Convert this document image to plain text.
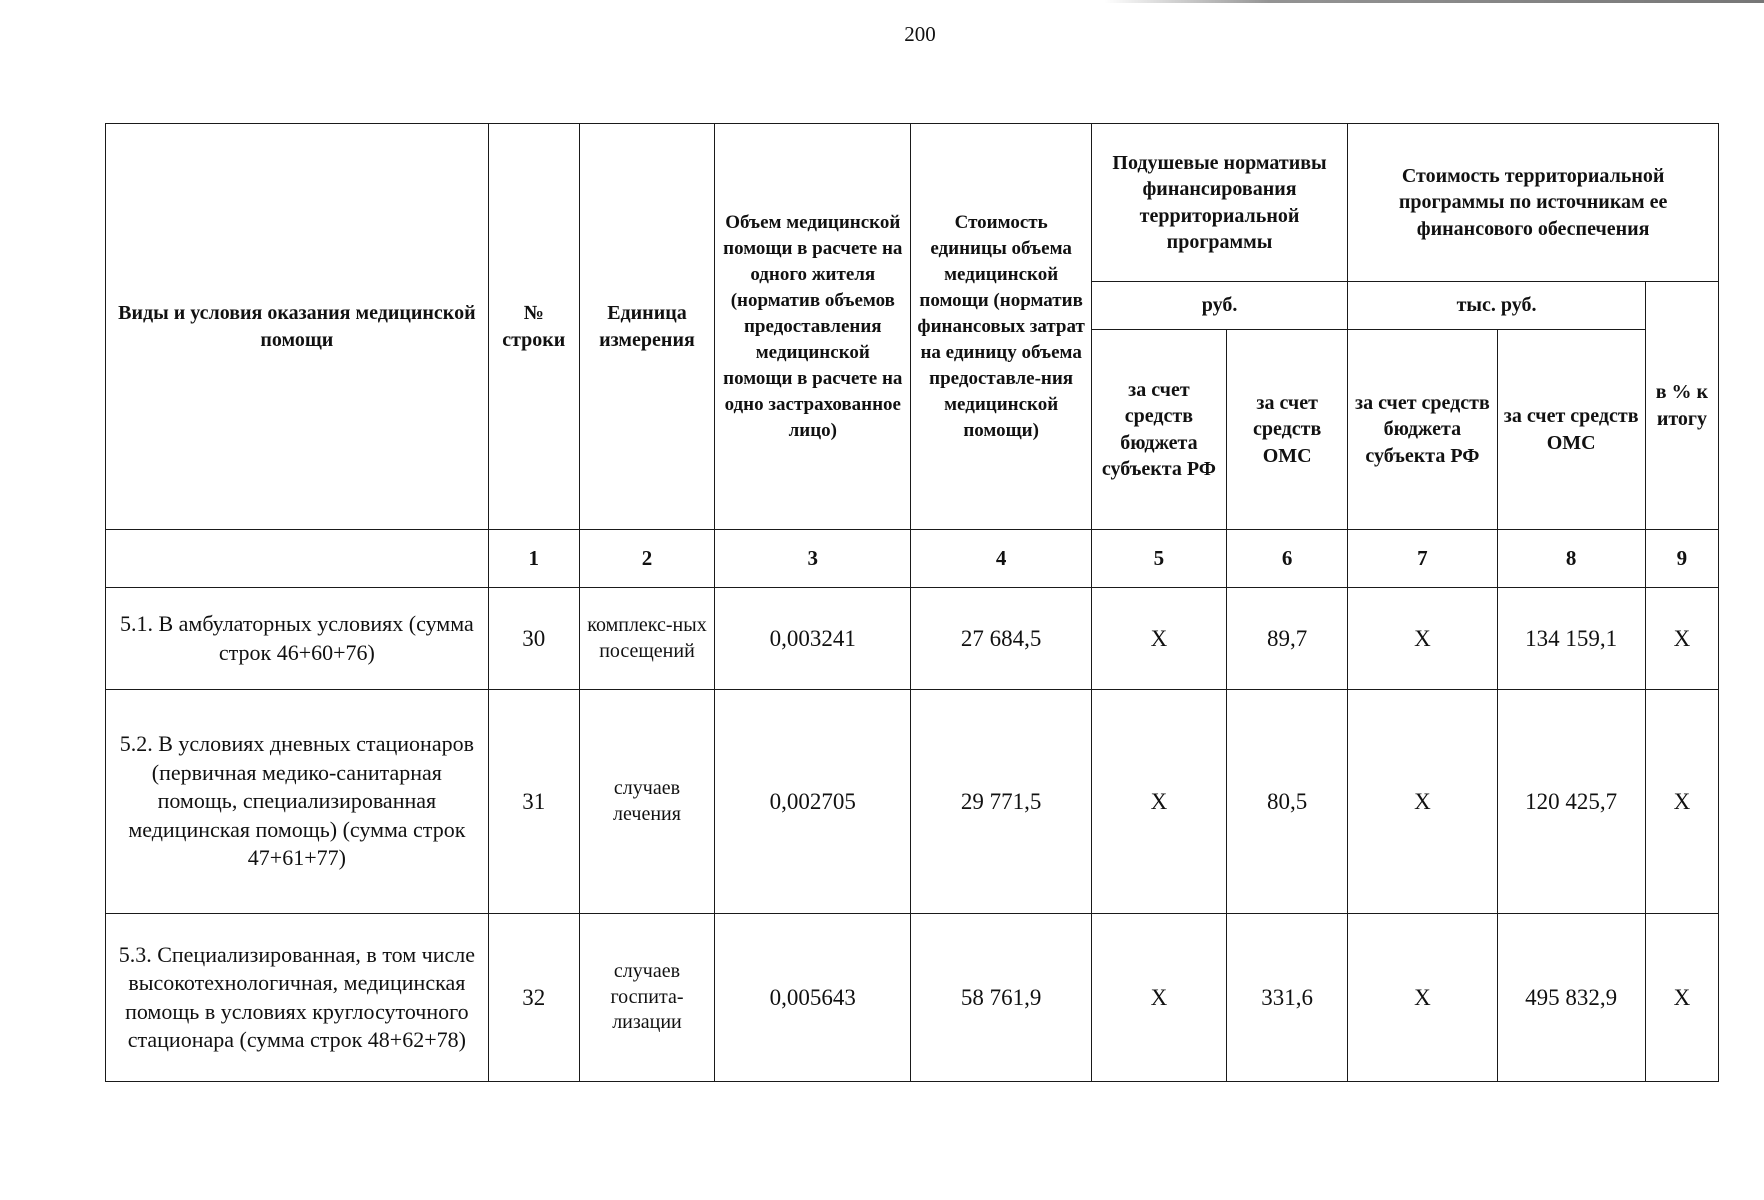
200
Виды и условия оказания медицинской помощи	№ строки	Единица измерения	Объем медицинской помощи в расчете на одного жителя (норматив объемов предоставления медицинской помощи в расчете на одно застрахованное лицо)	Стоимость единицы объема медицинской помощи (норматив финансовых затрат на единицу объема предоставле-ния медицинской помощи)	Подушевые нормативы финансирования территориальной программы		Стоимость территориальной программы по источникам ее финансового обеспечения		
					руб.		тыс. руб.		в % к итогу
					за счет средств бюджета субъекта РФ	за счет средств ОМС	за счет средств бюджета субъекта РФ	за счет средств ОМС	
	1	2	3	4	5	6	7	8	9
5.1. В амбулаторных условиях (сумма строк 46+60+76)	30	комплекс-ных посещений	0,003241	27 684,5	X	89,7	X	134 159,1	X
5.2. В условиях дневных стационаров (первичная медико-санитарная помощь, специализированная медицинская помощь) (сумма строк 47+61+77)	31	случаев лечения	0,002705	29 771,5	X	80,5	X	120 425,7	X
5.3. Специализированная, в том числе высокотехнологичная, медицинская помощь в условиях круглосуточного стационара (сумма строк 48+62+78)	32	случаев госпита-лизации	0,005643	58 761,9	X	331,6	X	495 832,9	X
